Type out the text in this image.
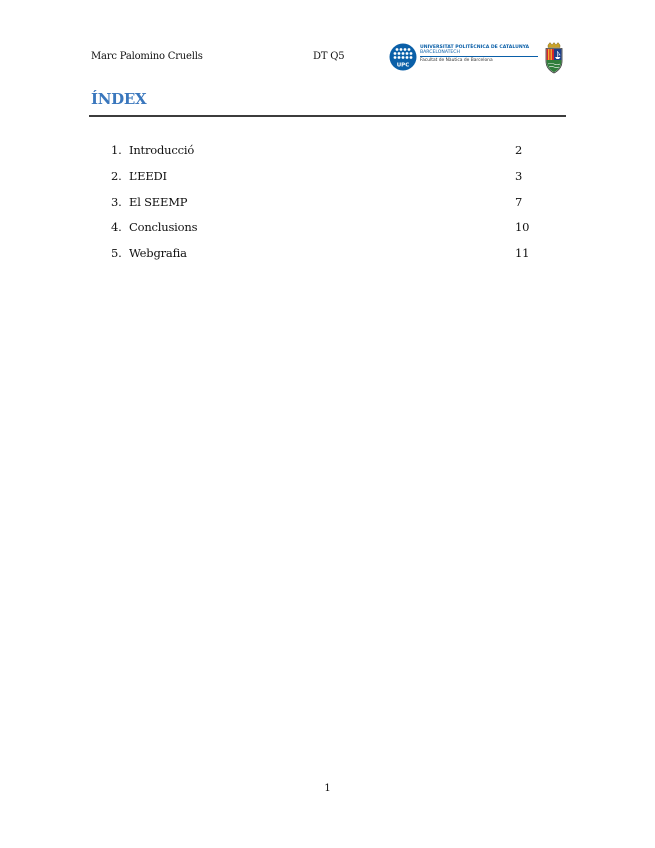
Marc Palomino Cruells	DT Q5
UPC
UNIVERSITAT POLITÈCNICA DE CATALUNYA
BARCELONATECH
Facultat de Nàutica de Barcelona
ÍNDEX
1. Introducció	2
2. L’EEDI	3
3. El SEEMP	7
4. Conclusions	10
5. Webgrafia	11
1
